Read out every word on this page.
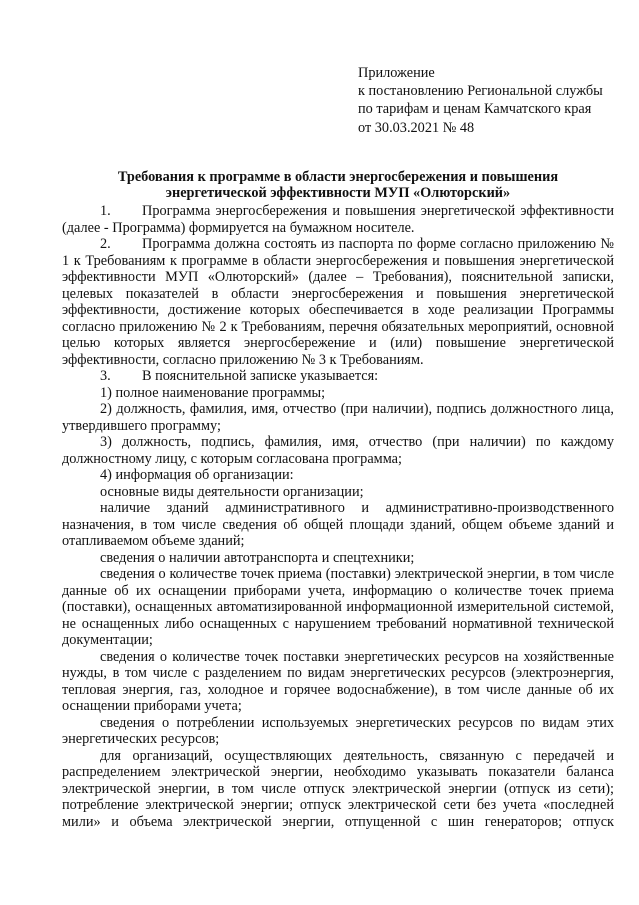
Приложение
к постановлению Региональной службы
по тарифам и ценам Камчатского края
от 30.03.2021 № 48
Требования к программе в области энергосбережения и повышения
энергетической эффективности МУП «Олюторский»

1. Программа энергосбережения и повышения энергетической эффективности (далее - Программа) формируется на бумажном носителе.

2. Программа должна состоять из паспорта по форме согласно приложению № 1 к Требованиям к программе в области энергосбережения и повышения энергетической эффективности МУП «Олюторский» (далее – Требования), пояснительной записки, целевых показателей в области энергосбережения и повышения энергетической эффективности, достижение которых обеспечивается в ходе реализации Программы согласно приложению № 2 к Требованиям, перечня обязательных мероприятий, основной целью которых является энергосбережение и (или) повышение энергетической эффективности, согласно приложению № 3 к Требованиям.

3. В пояснительной записке указывается:

1) полное наименование программы;

2) должность, фамилия, имя, отчество (при наличии), подпись должностного лица, утвердившего программу;

3) должность, подпись, фамилия, имя, отчество (при наличии) по каждому должностному лицу, с которым согласована программа;

4) информация об организации:

основные виды деятельности организации;

наличие зданий административного и административно-производственного назначения, в том числе сведения об общей площади зданий, общем объеме зданий и отапливаемом объеме зданий;

сведения о наличии автотранспорта и спецтехники;

сведения о количестве точек приема (поставки) электрической энергии, в том числе данные об их оснащении приборами учета, информацию о количестве точек приема (поставки), оснащенных автоматизированной информационной измерительной системой, не оснащенных либо оснащенных с нарушением требований нормативной технической документации;

сведения о количестве точек поставки энергетических ресурсов на хозяйственные нужды, в том числе с разделением по видам энергетических ресурсов (электроэнергия, тепловая энергия, газ, холодное и горячее водоснабжение), в том числе данные об их оснащении приборами учета;

сведения о потреблении используемых энергетических ресурсов по видам этих энергетических ресурсов;

для организаций, осуществляющих деятельность, связанную с передачей и распределением электрической энергии, необходимо указывать показатели баланса электрической энергии, в том числе отпуск электрической энергии (отпуск из сети); потребление электрической энергии; отпуск электрической сети без учета «последней мили» и объема электрической энергии, отпущенной с шин генераторов; отпуск
